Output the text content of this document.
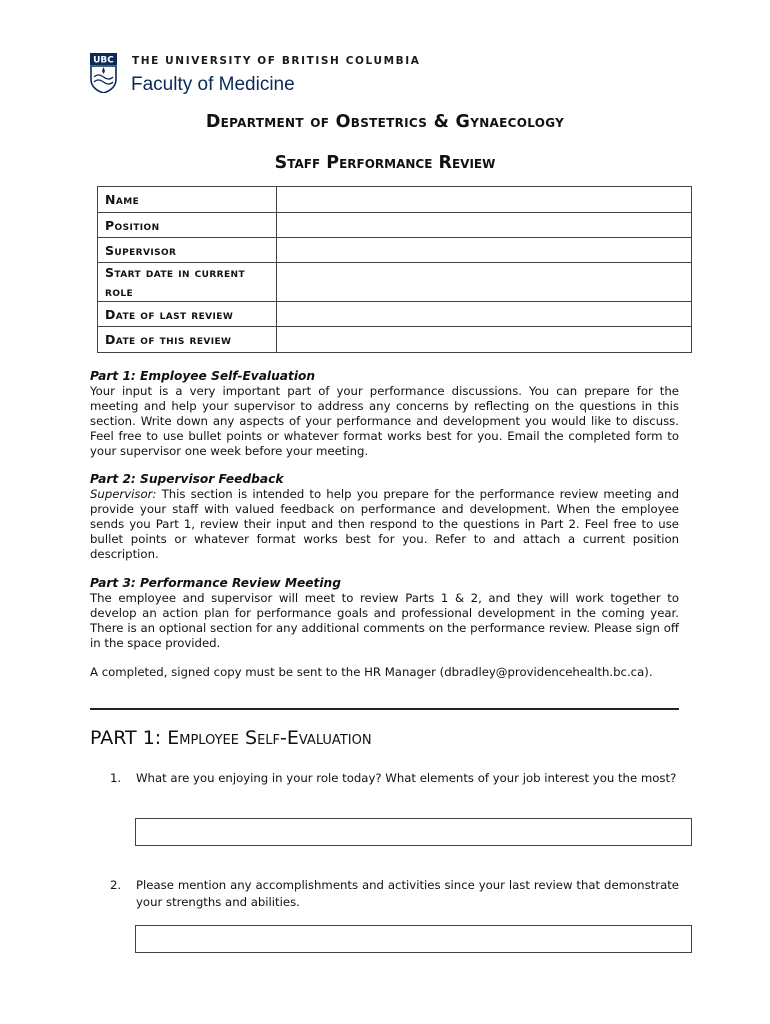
UBC THE UNIVERSITY OF BRITISH COLUMBIA
Faculty of Medicine
Department of Obstetrics & Gynaecology
Staff Performance Review
Name	
Position	
Supervisor	
Start date in current role	
Date of last review	
Date of this review	
Part 1: Employee Self-Evaluation

Your input is a very important part of your performance discussions. You can prepare for the meeting and help your supervisor to address any concerns by reflecting on the questions in this section. Write down any aspects of your performance and development you would like to discuss. Feel free to use bullet points or whatever format works best for you. Email the completed form to your supervisor one week before your meeting.

Part 2: Supervisor Feedback

Supervisor: This section is intended to help you prepare for the performance review meeting and provide your staff with valued feedback on performance and development. When the employee sends you Part 1, review their input and then respond to the questions in Part 2. Feel free to use bullet points or whatever format works best for you. Refer to and attach a current position description.

Part 3: Performance Review Meeting

The employee and supervisor will meet to review Parts 1 & 2, and they will work together to develop an action plan for performance goals and professional development in the coming year. There is an optional section for any additional comments on the performance review. Please sign off in the space provided.

A completed, signed copy must be sent to the HR Manager (dbradley@providencehealth.bc.ca).

PART 1: Employee Self-Evaluation
1. What are you enjoying in your role today? What elements of your job interest you the most?
2. Please mention any accomplishments and activities since your last review that demonstrate your strengths and abilities.
